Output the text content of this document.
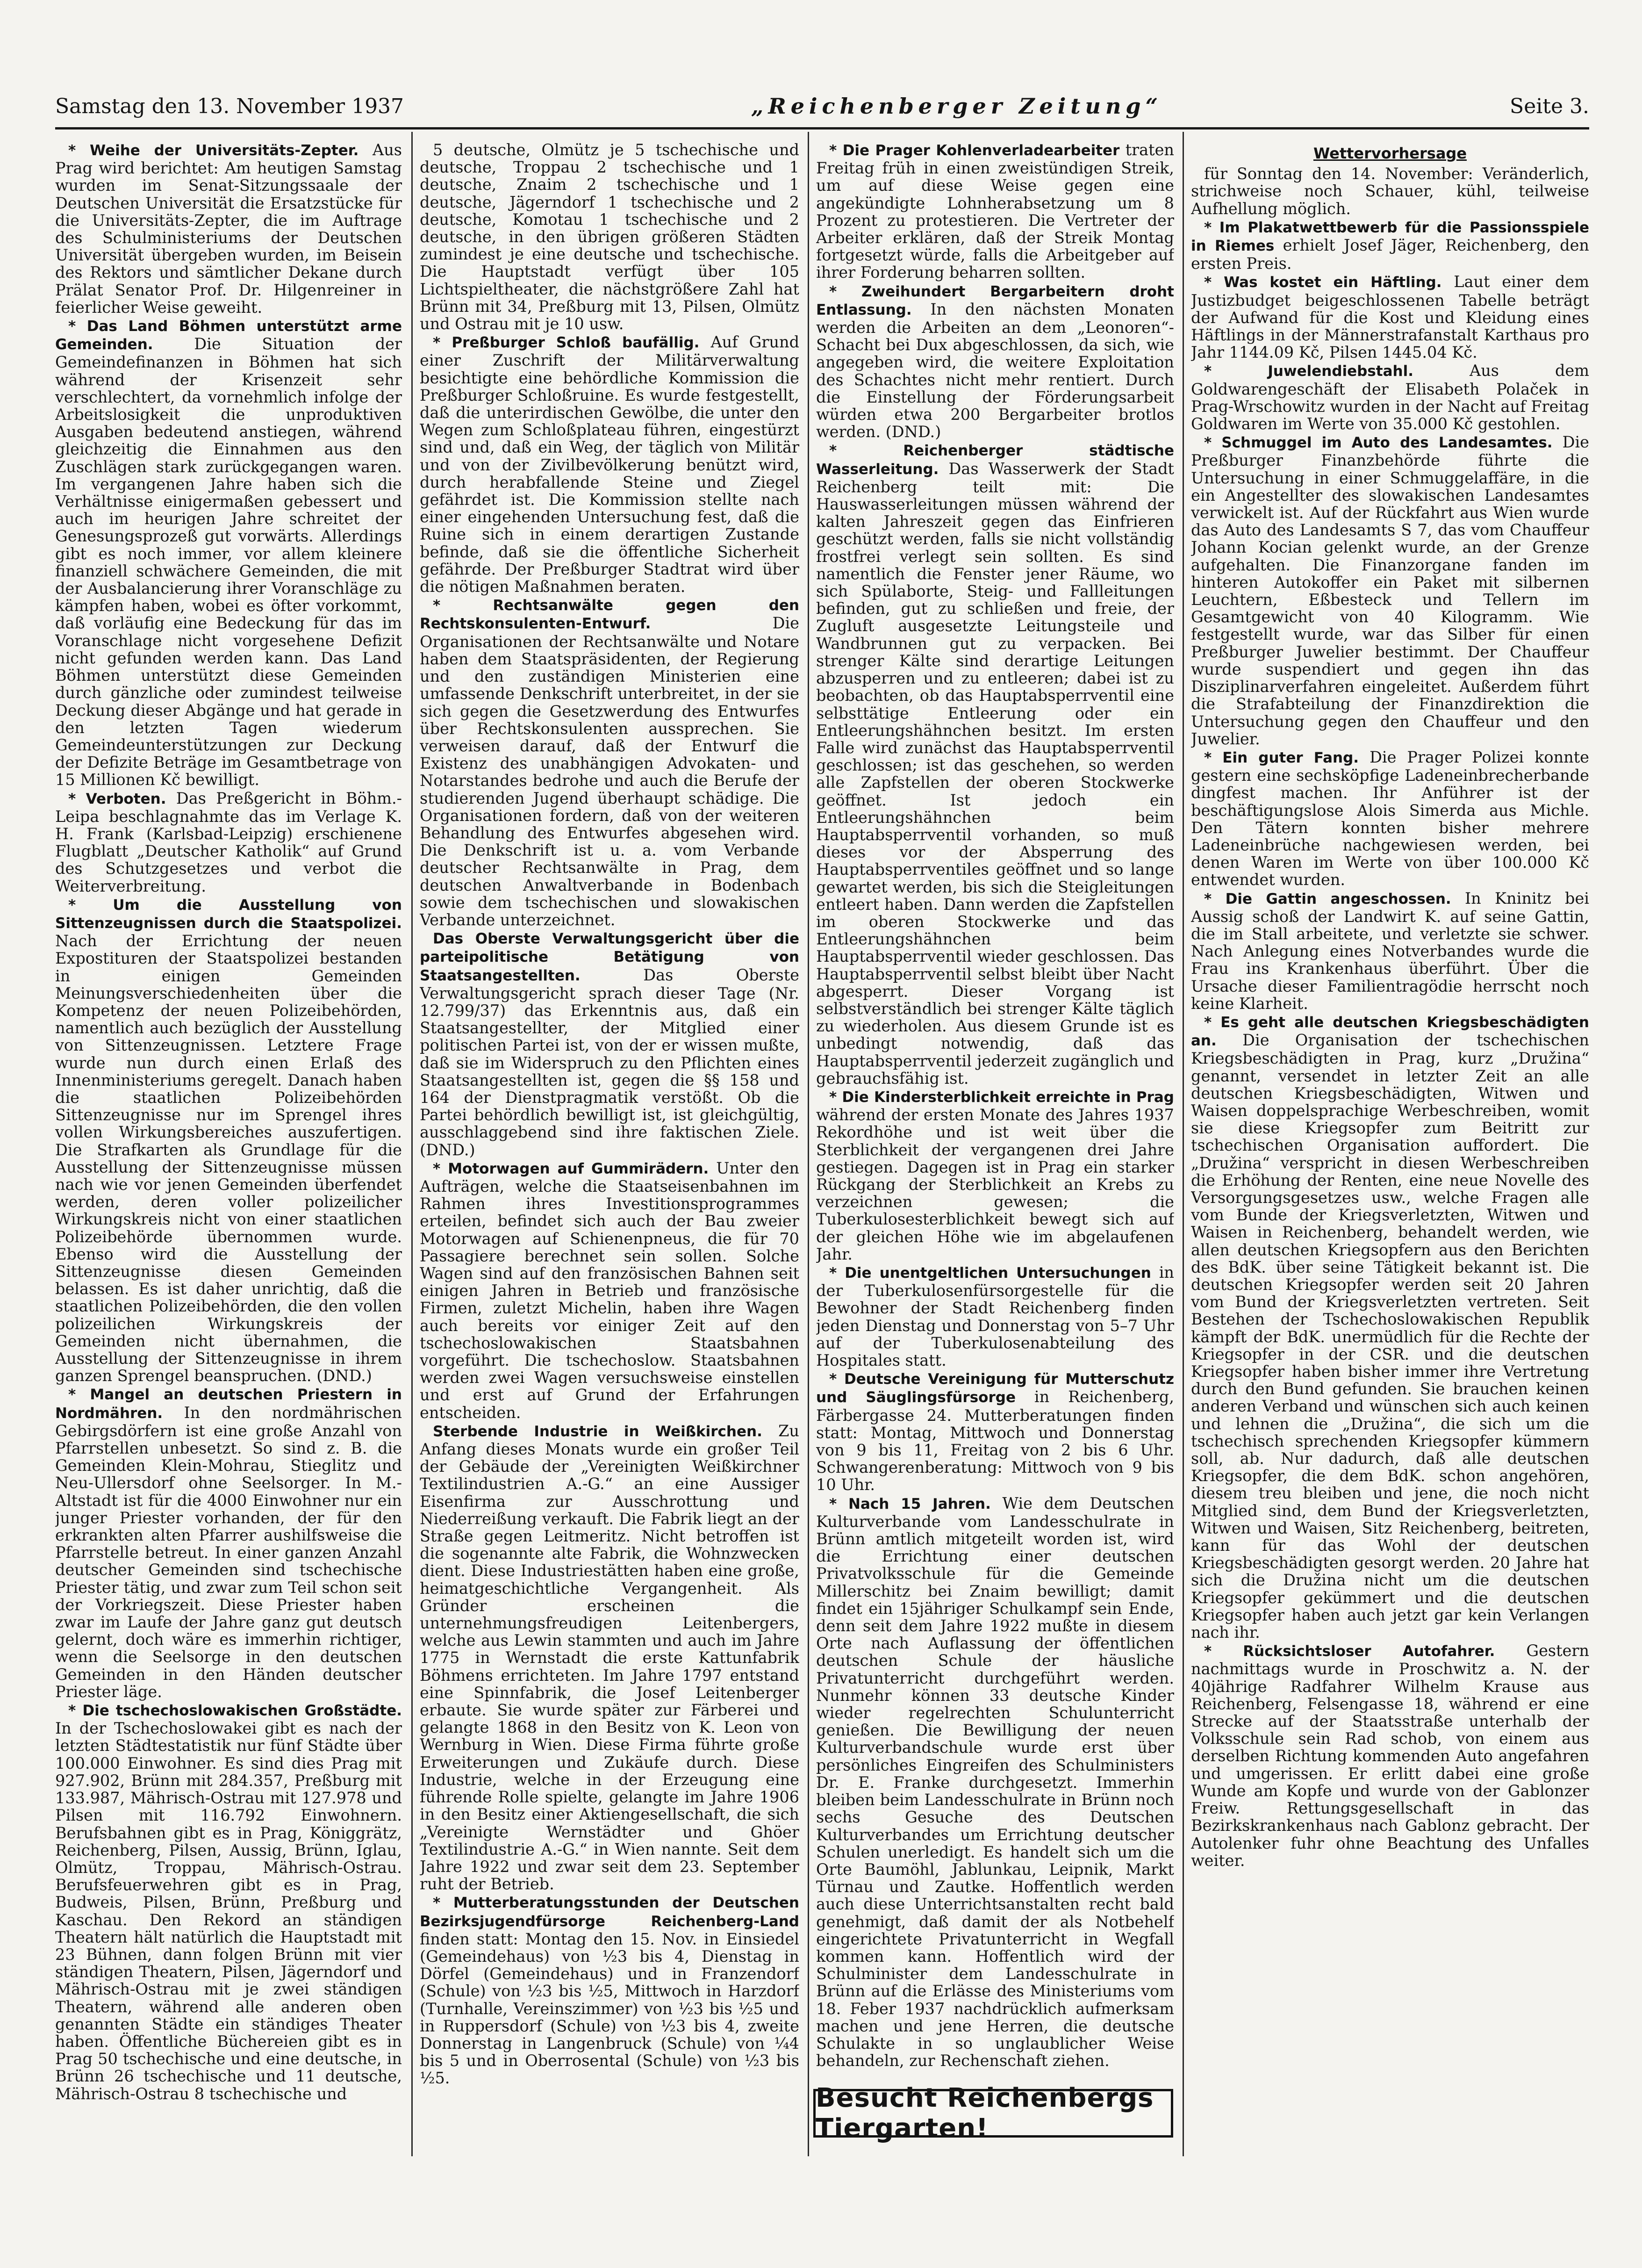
Samstag den 13. November 1937	„Reichenberger Zeitung“	Seite 3.

* Weihe der Universitäts-Zepter. Aus Prag wird berichtet: Am heutigen Samstag wurden im Senat-Sitzungssaale der Deutschen Universität die Ersatzstücke für die Universitäts-Zepter, die im Auftrage des Schulministeriums der Deutschen Universität übergeben wurden, im Beisein des Rektors und sämtlicher Dekane durch Prälat Senator Prof. Dr. Hilgenreiner in feierlicher Weise geweiht.

* Das Land Böhmen unterstützt arme Gemeinden.	Die Situation der Gemeindefinanzen in Böhmen hat sich während der Krisenzeit sehr verschlechtert, da vornehmlich infolge der Arbeitslosigkeit die unproduktiven Ausgaben bedeutend anstiegen, während gleichzeitig die Einnahmen aus den Zuschlägen stark zurückgegangen waren. Im vergangenen Jahre haben sich die Verhältnisse einigermaßen gebessert und auch im heurigen Jahre schreitet der Genesungsprozeß gut vorwärts. Allerdings gibt es noch immer, vor allem kleinere finanziell schwächere Gemeinden, die mit der Ausbalancierung ihrer Voranschläge zu kämpfen haben, wobei es öfter vorkommt, daß vorläufig eine Bedeckung für das im Voranschlage nicht vorgesehene Defizit nicht gefunden werden kann. Das Land Böhmen unterstützt diese Gemeinden durch gänzliche oder zumindest teilweise Deckung dieser Abgänge und hat gerade in den letzten Tagen wiederum Gemeindeunterstützungen zur Deckung der Defizite Beträge im Gesamtbetrage von 15 Millionen Kč bewilligt.

* Verboten. Das Preßgericht in Böhm.-Leipa beschlagnahmte das im Verlage K. H. Frank (Karlsbad-Leipzig) erschienene Flugblatt „Deutscher Katholik“ auf Grund des Schutzgesetzes und verbot die Weiterverbreitung.

* Um die Ausstellung von Sittenzeugnissen durch die Staatspolizei. Nach der Errichtung der neuen Expostituren der Staatspolizei bestanden in einigen Gemeinden Meinungsverschiedenheiten über die Kompetenz der neuen Polizeibehörden, namentlich auch bezüglich der Ausstellung von Sittenzeugnissen. Letztere Frage wurde nun durch einen Erlaß des Innenministeriums geregelt. Danach haben die staatlichen Polizeibehörden Sittenzeugnisse nur im Sprengel ihres vollen Wirkungsbereiches auszufertigen. Die Strafkarten als Grundlage für die Ausstellung der Sittenzeugnisse müssen nach wie vor jenen Gemeinden überfendet werden, deren voller polizeilicher Wirkungskreis nicht von einer staatlichen Polizeibehörde übernommen wurde. Ebenso wird die Ausstellung der Sittenzeugnisse diesen Gemeinden belassen. Es ist daher unrichtig, daß die staatlichen Polizeibehörden, die den vollen polizeilichen Wirkungskreis der Gemeinden nicht übernahmen, die Ausstellung der Sittenzeugnisse in ihrem ganzen Sprengel beanspruchen. (DND.)

* Mangel an deutschen Priestern in Nordmähren. In den nordmährischen Gebirgsdörfern ist eine große Anzahl von Pfarrstellen unbesetzt. So sind z. B. die Gemeinden Klein-Mohrau, Stieglitz und Neu-Ullersdorf ohne Seelsorger. In M.-Altstadt ist für die 4000 Einwohner nur ein junger Priester vorhanden, der für den erkrankten alten Pfarrer aushilfsweise die Pfarrstelle betreut. In einer ganzen Anzahl deutscher Gemeinden sind tschechische Priester tätig, und zwar zum Teil schon seit der Vorkriegszeit. Diese Priester haben zwar im Laufe der Jahre ganz gut deutsch gelernt, doch wäre es immerhin richtiger, wenn die Seelsorge in den deutschen Gemeinden in den Händen deutscher Priester läge.

* Die tschechoslowakischen Großstädte. In der Tschechoslowakei gibt es nach der letzten Städtestatistik nur fünf Städte über 100.000 Einwohner. Es sind dies Prag mit 927.902, Brünn mit 284.357, Preßburg mit 133.987, Mährisch-Ostrau mit 127.978 und Pilsen mit 116.792 Einwohnern. Berufsbahnen gibt es in Prag, Königgrätz, Reichenberg, Pilsen, Aussig, Brünn, Iglau, Olmütz, Troppau, Mährisch-Ostrau. Berufsfeuerwehren gibt es in Prag, Budweis, Pilsen, Brünn, Preßburg und Kaschau. Den Rekord an ständigen Theatern hält natürlich die Hauptstadt mit 23 Bühnen, dann folgen Brünn mit vier ständigen Theatern, Pilsen, Jägerndorf und Mährisch-Ostrau mit je zwei ständigen Theatern, während alle anderen oben genannten Städte ein ständiges Theater haben. Öffentliche Büchereien gibt es in Prag 50 tschechische und eine deutsche, in Brünn 26 tschechische und 11 deutsche, Mährisch-Ostrau 8 tschechische und

5 deutsche, Olmütz je 5 tschechische und deutsche, Troppau 2 tschechische und 1 deutsche, Znaim 2 tschechische und 1 deutsche, Jägerndorf 1 tschechische und 2 deutsche, Komotau 1 tschechische und 2 deutsche, in den übrigen größeren Städten zumindest je eine deutsche und tschechische. Die Hauptstadt verfügt über 105 Lichtspieltheater, die nächstgrößere Zahl hat Brünn mit 34, Preßburg mit 13, Pilsen, Olmütz und Ostrau mit je 10 usw.

* Preßburger Schloß baufällig. Auf Grund einer Zuschrift der Militärverwaltung besichtigte eine behördliche Kommission die Preßburger Schloßruine. Es wurde festgestellt, daß die unterirdischen Gewölbe, die unter den Wegen zum Schloßplateau führen, eingestürzt sind und, daß ein Weg, der täglich von Militär und von der Zivilbevölkerung benützt wird, durch herabfallende Steine und Ziegel gefährdet ist. Die Kommission stellte nach einer eingehenden Untersuchung fest, daß die Ruine sich in einem derartigen Zustande befinde, daß sie die öffentliche Sicherheit gefährde. Der Preßburger Stadtrat wird über die nötigen Maßnahmen beraten.

* Rechtsanwälte gegen den Rechtskonsulenten-Entwurf.	Die Organisationen der Rechtsanwälte und Notare haben dem Staatspräsidenten, der Regierung und den zuständigen Ministerien eine umfassende Denkschrift unterbreitet, in der sie sich gegen die Gesetzwerdung des Entwurfes über Rechtskonsulenten aussprechen. Sie verweisen darauf, daß der Entwurf die Existenz des unabhängigen Advokaten- und Notarstandes bedrohe und auch die Berufe der studierenden Jugend überhaupt schädige. Die Organisationen fordern, daß von der weiteren Behandlung des Entwurfes abgesehen wird. Die Denkschrift ist u. a. vom Verbande deutscher Rechtsanwälte in Prag, dem deutschen Anwaltverbande in Bodenbach sowie dem tschechischen und slowakischen Verbande unterzeichnet.

Das Oberste Verwaltungsgericht über die parteipolitische Betätigung von Staatsangestellten.	Das Oberste Verwaltungsgericht sprach dieser Tage (Nr. 12.799/37) das Erkenntnis aus, daß ein Staatsangestellter, der Mitglied einer politischen Partei ist, von der er wissen mußte, daß sie im Widerspruch zu den Pflichten eines Staatsangestellten ist, gegen die §§ 158 und 164 der Dienstpragmatik verstößt. Ob die Partei behördlich bewilligt ist, ist gleichgültig, ausschlaggebend sind ihre faktischen Ziele. (DND.)

* Motorwagen auf Gummirädern. Unter den Aufträgen, welche die Staatseisenbahnen im Rahmen ihres Investitionsprogrammes erteilen, befindet sich auch der Bau zweier Motorwagen auf Schienenpneus, die für 70 Passagiere berechnet sein sollen. Solche Wagen sind auf den französischen Bahnen seit einigen Jahren in Betrieb und französische Firmen, zuletzt Michelin, haben ihre Wagen auch bereits vor einiger Zeit auf den tschechoslowakischen Staatsbahnen vorgeführt. Die tschechoslow. Staatsbahnen werden zwei Wagen versuchsweise einstellen und erst auf Grund der Erfahrungen entscheiden.

Sterbende Industrie in Weißkirchen. Zu Anfang dieses Monats wurde ein großer Teil der Gebäude der „Vereinigten Weißkirchner Textilindustrien A.-G.“ an eine Aussiger Eisenfirma zur Ausschrottung und Niederreißung verkauft. Die Fabrik liegt an der Straße gegen Leitmeritz. Nicht betroffen ist die sogenannte alte Fabrik, die Wohnzwecken dient. Diese Industriestätten haben eine große, heimatgeschichtliche Vergangenheit. Als Gründer erscheinen die unternehmungsfreudigen Leitenbergers, welche aus Lewin stammten und auch im Jahre 1775 in Wernstadt die erste Kattunfabrik Böhmens errichteten. Im Jahre 1797 entstand eine Spinnfabrik, die Josef Leitenberger erbaute. Sie wurde später zur Färberei und gelangte 1868 in den Besitz von K. Leon von Wernburg in Wien. Diese Firma führte große Erweiterungen und Zukäufe durch. Diese Industrie, welche in der Erzeugung eine führende Rolle spielte, gelangte im Jahre 1906 in den Besitz einer Aktiengesellschaft, die sich „Vereinigte Wernstädter und Ghöer Textilindustrie A.-G.“ in Wien nannte. Seit dem Jahre 1922 und zwar seit dem 23. September ruht der Betrieb.

* Mutterberatungsstunden der Deutschen Bezirksjugendfürsorge Reichenberg-Land finden statt: Montag den 15. Nov. in Einsiedel (Gemeindehaus) von ½3 bis 4, Dienstag in Dörfel (Gemeindehaus) und in Franzendorf (Schule) von ½3 bis ½5, Mittwoch in Harzdorf (Turnhalle, Vereinszimmer) von ½3 bis ½5 und in Ruppersdorf (Schule) von ½3 bis 4, zweite Donnerstag in Langenbruck (Schule) von ¼4 bis 5 und in Oberrosental (Schule) von ½3 bis ½5.

* Die Prager Kohlenverladearbeiter traten Freitag früh in einen zweistündigen Streik, um auf diese Weise gegen eine angekündigte Lohnherabsetzung um 8 Prozent zu protestieren. Die Vertreter der Arbeiter erklären, daß der Streik Montag fortgesetzt würde, falls die Arbeitgeber auf ihrer Forderung beharren sollten.

* Zweihundert Bergarbeitern droht Entlassung. In den nächsten Monaten werden die Arbeiten an dem „Leonoren“-Schacht bei Dux abgeschlossen, da sich, wie angegeben wird, die weitere Exploitation des Schachtes nicht mehr rentiert. Durch die Einstellung der Förderungsarbeit würden etwa 200 Bergarbeiter brotlos werden. (DND.)

* Reichenberger städtische Wasserleitung. Das Wasserwerk der Stadt Reichenberg teilt mit: Die Hauswasserleitungen müssen während der kalten Jahreszeit gegen das Einfrieren geschützt werden, falls sie nicht vollständig frostfrei verlegt sein sollten. Es sind namentlich die Fenster jener Räume, wo sich Spülaborte, Steig- und Fallleitungen befinden, gut zu schließen und freie, der Zugluft ausgesetzte Leitungsteile und Wandbrunnen gut zu verpacken. Bei strenger Kälte sind derartige Leitungen abzusperren und zu entleeren; dabei ist zu beobachten, ob das Hauptabsperrventil eine selbsttätige Entleerung oder ein Entleerungshähnchen besitzt. Im ersten Falle wird zunächst das Hauptabsperrventil geschlossen; ist das geschehen, so werden alle Zapfstellen der oberen Stockwerke geöffnet. Ist jedoch ein Entleerungshähnchen beim Hauptabsperrventil vorhanden, so muß dieses vor der Absperrung des Hauptabsperrventiles geöffnet und so lange gewartet werden, bis sich die Steigleitungen entleert haben. Dann werden die Zapfstellen im oberen Stockwerke und das Entleerungshähnchen beim Hauptabsperrventil wieder geschlossen. Das Hauptabsperrventil selbst bleibt über Nacht abgesperrt. Dieser Vorgang ist selbstverständlich bei strenger Kälte täglich zu wiederholen. Aus diesem Grunde ist es unbedingt notwendig, daß das Hauptabsperrventil jederzeit zugänglich und gebrauchsfähig ist.

* Die Kindersterblichkeit erreichte in Prag während der ersten Monate des Jahres 1937 Rekordhöhe und ist weit über die Sterblichkeit der vergangenen drei Jahre gestiegen. Dagegen ist in Prag ein starker Rückgang der Sterblichkeit an Krebs zu verzeichnen gewesen; die Tuberkulosesterblichkeit bewegt sich auf der gleichen Höhe wie im abgelaufenen Jahr.

* Die unentgeltlichen Untersuchungen in der Tuberkulosenfürsorgestelle für die Bewohner der Stadt Reichenberg finden jeden Dienstag und Donnerstag von 5–7 Uhr auf der Tuberkulosenabteilung des Hospitales statt.

* Deutsche Vereinigung für Mutterschutz und Säuglingsfürsorge in Reichenberg, Färbergasse 24. Mutterberatungen finden statt: Montag, Mittwoch und Donnerstag von 9 bis 11, Freitag von 2 bis 6 Uhr. Schwangerenberatung: Mittwoch von 9 bis 10 Uhr.

* Nach 15 Jahren. Wie dem Deutschen Kulturverbande vom Landesschulrate in Brünn amtlich mitgeteilt worden ist, wird die Errichtung einer deutschen Privatvolksschule für die Gemeinde Millerschitz bei Znaim bewilligt; damit findet ein 15jähriger Schulkampf sein Ende, denn seit dem Jahre 1922 mußte in diesem Orte nach Auflassung der öffentlichen deutschen Schule der häusliche Privatunterricht durchgeführt werden. Nunmehr können 33 deutsche Kinder wieder regelrechten Schulunterricht genießen. Die Bewilligung der neuen Kulturverbandschule wurde erst über persönliches Eingreifen des Schulministers Dr. E. Franke durchgesetzt. Immerhin bleiben beim Landesschulrate in Brünn noch sechs Gesuche des Deutschen Kulturverbandes um Errichtung deutscher Schulen unerledigt. Es handelt sich um die Orte Baumöhl, Jablunkau, Leipnik, Markt Türnau und Zautke. Hoffentlich werden auch diese Unterrichtsanstalten recht bald genehmigt, daß damit der als Notbehelf eingerichtete Privatunterricht in Wegfall kommen kann. Hoffentlich wird der Schulminister dem Landesschulrate in Brünn auf die Erlässe des Ministeriums vom 18. Feber 1937 nachdrücklich aufmerksam machen und jene Herren, die deutsche Schulakte in so unglaublicher Weise behandeln, zur Rechenschaft ziehen.

Wettervorhersage

für Sonntag den 14. November: Veränderlich, strichweise noch Schauer, kühl, teilweise Aufhellung möglich.

* Im Plakatwettbewerb für die Passionsspiele in Riemes erhielt Josef Jäger, Reichenberg, den ersten Preis.

* Was kostet ein Häftling. Laut einer dem Justizbudget beigeschlossenen Tabelle beträgt der Aufwand für die Kost und Kleidung eines Häftlings in der Männerstrafanstalt Karthaus pro Jahr 1144.09 Kč, Pilsen 1445.04 Kč.

* Juwelendiebstahl.	Aus dem Goldwarengeschäft der Elisabeth Polaček in Prag-Wrschowitz wurden in der Nacht auf Freitag Goldwaren im Werte von 35.000 Kč gestohlen.

* Schmuggel im Auto des Landesamtes. Die Preßburger Finanzbehörde führte die Untersuchung in einer Schmuggelaffäre, in die ein Angestellter des slowakischen Landesamtes verwickelt ist. Auf der Rückfahrt aus Wien wurde das Auto des Landesamts S 7, das vom Chauffeur Johann Kocian gelenkt wurde, an der Grenze aufgehalten. Die Finanzorgane fanden im hinteren Autokoffer ein Paket mit silbernen Leuchtern, Eßbesteck und Tellern im Gesamtgewicht von 40 Kilogramm. Wie festgestellt wurde, war das Silber für einen Preßburger Juwelier bestimmt. Der Chauffeur wurde suspendiert und gegen ihn das Disziplinarverfahren eingeleitet. Außerdem führt die Strafabteilung der Finanzdirektion die Untersuchung gegen den Chauffeur und den Juwelier.

* Ein guter Fang. Die Prager Polizei konnte gestern eine sechsköpfige Ladeneinbrecherbande dingfest machen. Ihr Anführer ist der beschäftigungslose Alois Simerda aus Michle. Den Tätern konnten bisher mehrere Ladeneinbrüche nachgewiesen werden, bei denen Waren im Werte von über 100.000 Kč entwendet wurden.

* Die Gattin angeschossen. In Kninitz bei Aussig schoß der Landwirt K. auf seine Gattin, die im Stall arbeitete, und verletzte sie schwer. Nach Anlegung eines Notverbandes wurde die Frau ins Krankenhaus überführt. Über die Ursache dieser Familientragödie herrscht noch keine Klarheit.

* Es geht alle deutschen Kriegsbeschädigten an. Die Organisation der tschechischen Kriegsbeschädigten in Prag, kurz „Družina“ genannt, versendet in letzter Zeit an alle deutschen Kriegsbeschädigten, Witwen und Waisen doppelsprachige Werbeschreiben, womit sie diese Kriegsopfer zum Beitritt zur tschechischen Organisation auffordert. Die „Družina“ verspricht in diesen Werbeschreiben die Erhöhung der Renten, eine neue Novelle des Versorgungsgesetzes usw., welche Fragen alle vom Bunde der Kriegsverletzten, Witwen und Waisen in Reichenberg, behandelt werden, wie allen deutschen Kriegsopfern aus den Berichten des BdK. über seine Tätigkeit bekannt ist. Die deutschen Kriegsopfer werden seit 20 Jahren vom Bund der Kriegsverletzten vertreten. Seit Bestehen der Tschechoslowakischen Republik kämpft der BdK. unermüdlich für die Rechte der Kriegsopfer in der CSR. und die deutschen Kriegsopfer haben bisher immer ihre Vertretung durch den Bund gefunden. Sie brauchen keinen anderen Verband und wünschen sich auch keinen und lehnen die „Družina“, die sich um die tschechisch sprechenden Kriegsopfer kümmern soll, ab. Nur dadurch, daß alle deutschen Kriegsopfer, die dem BdK. schon angehören, diesem treu bleiben und jene, die noch nicht Mitglied sind, dem Bund der Kriegsverletzten, Witwen und Waisen, Sitz Reichenberg, beitreten, kann für das Wohl der deutschen Kriegsbeschädigten gesorgt werden. 20 Jahre hat sich die Družina nicht um die deutschen Kriegsopfer gekümmert und die deutschen Kriegsopfer haben auch jetzt gar kein Verlangen nach ihr.

* Rücksichtsloser Autofahrer. Gestern nachmittags wurde in Proschwitz a. N. der 40jährige Radfahrer Wilhelm Krause aus Reichenberg, Felsengasse 18, während er eine Strecke auf der Staatsstraße unterhalb der Volksschule sein Rad schob, von einem aus derselben Richtung kommenden Auto angefahren und umgerissen. Er erlitt dabei eine große Wunde am Kopfe und wurde von der Gablonzer Freiw. Rettungsgesellschaft in das Bezirkskrankenhaus nach Gablonz gebracht. Der Autolenker fuhr ohne Beachtung des Unfalles weiter.

Besucht Reichenbergs Tiergarten!
